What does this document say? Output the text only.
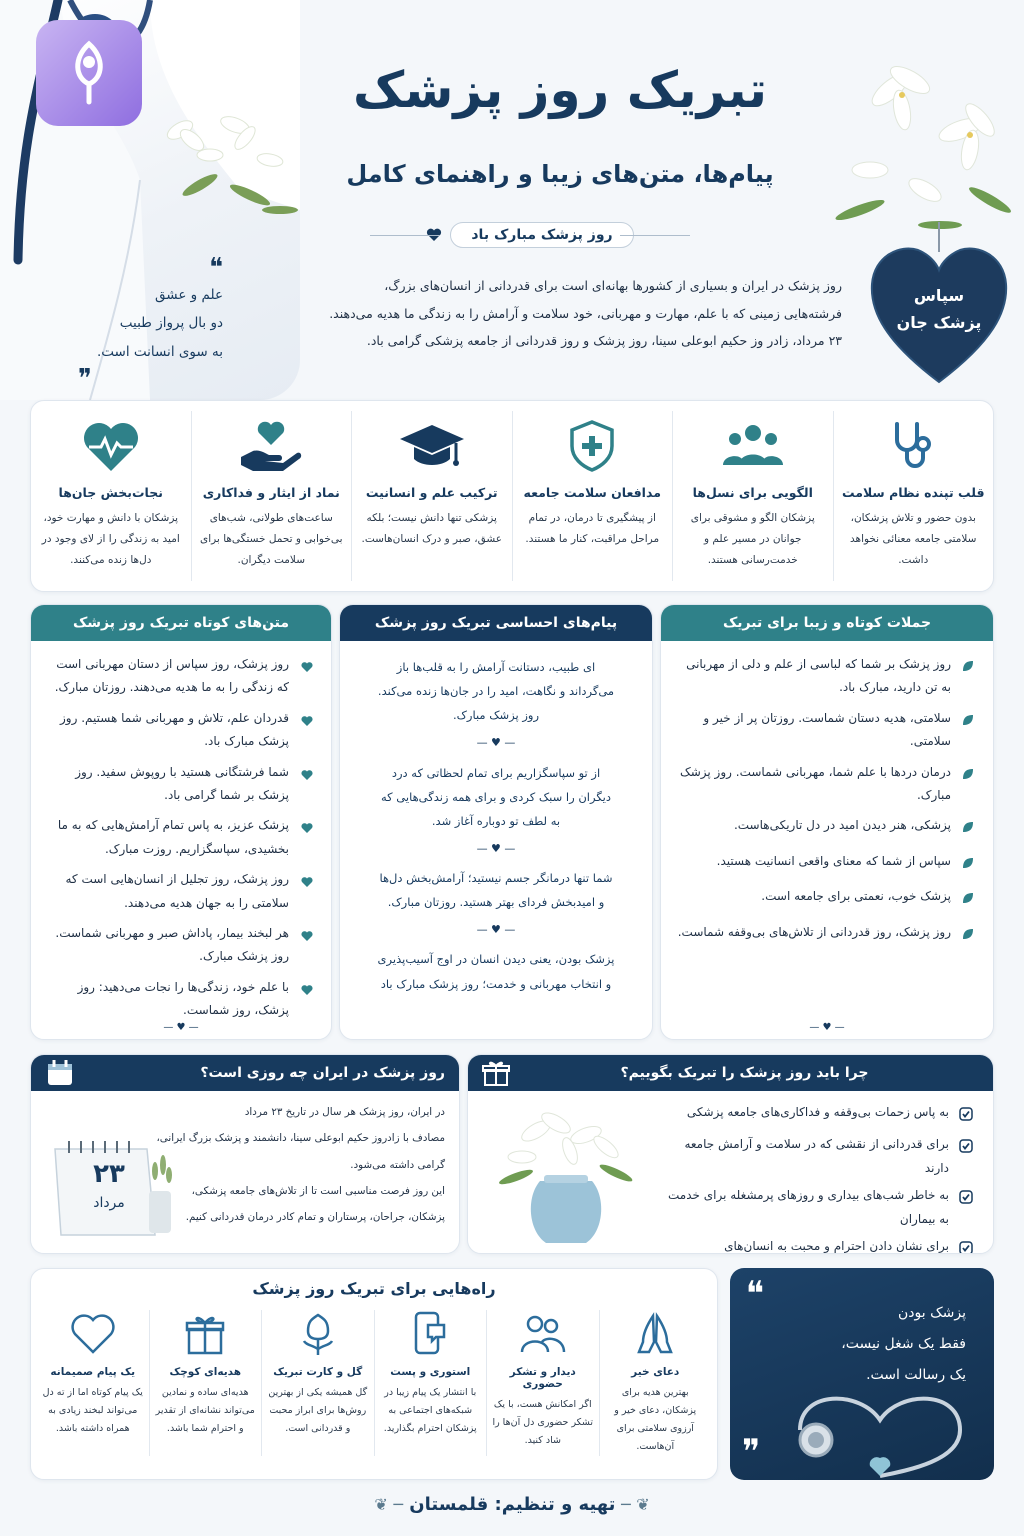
تبریک روز پزشک
پیام‌ها، متن‌های زیبا و راهنمای کامل
روز پزشک مبارک باد
روز پزشک در ایران و بسیاری از کشورها بهانه‌ای است برای قدردانی از انسان‌های بزرگ،
فرشته‌هایی زمینی که با علم، مهارت و مهربانی، خود سلامت و آرامش را به زندگی ما هدیه می‌دهند.
۲۳ مرداد، زادر وز حکیم ابوعلی سینا، روز پزشک و روز قدردانی از جامعه پزشکی گرامی باد.
❝
علم و عشق
دو بال پرواز طبیب
به سوی انسانت است.
❞
سپاس
پزشک جان
قلب تپنده نظام سلامت
بدون حضور و تلاش پزشکان، سلامتی جامعه معنائی نخواهد داشت.
الگویی برای نسل‌ها
پزشکان الگو و مشوقی برای جوانان در مسیر علم و خدمت‌رسانی هستند.
مدافعان سلامت جامعه
از پیشگیری تا درمان، در تمام مراحل مراقبت، کنار ما هستند.
ترکیب علم و انسانیت
پزشکی تنها دانش نیست؛ بلکه عشق، صبر و درک انسان‌هاست.
نماد از ایثار و فداکاری
ساعت‌های طولانی، شب‌های بی‌خوابی و تحمل خستگی‌ها برای سلامت دیگران.
نجات‌بخش جان‌ها
پزشکان با دانش و مهارت خود، امید به زندگی را از لای وجود در دل‌ها زنده می‌کنند.
جملات کوتاه و زیبا برای تبریک
روز پزشک بر شما که لباسی از علم و دلی از مهربانی به تن دارید، مبارک باد.
سلامتی، هدیه دستان شماست. روزتان پر از خیر و سلامتی.
درمان دردها با علم شما، مهربانی شماست. روز پزشک مبارک.
پزشکی، هنر دیدن امید در دل تاریکی‌هاست.
سپاس از شما که معنای واقعی انسانیت هستید.
پزشک خوب، نعمتی برای جامعه است.
روز پزشک، روز قدردانی از تلاش‌های بی‌وقفه شماست.
— ♥ —
پیام‌های احساسی تبریک روز پزشک
ای طبیب، دستانت آرامش را به قلب‌ها باز می‌گرداند و نگاهت، امید را در جان‌ها زنده می‌کند. روز پزشک مبارک.
— ♥ —
از تو سپاسگزاریم برای تمام لحظاتی که درد دیگران را سبک کردی و برای همه زندگی‌هایی که به لطف تو دوباره آغاز شد.
— ♥ —
شما تنها درمانگر جسم نیستید؛ آرامش‌بخش دل‌ها و امیدبخش فردای بهتر هستید. روزتان مبارک.
— ♥ —
پزشک بودن، یعنی دیدن انسان در اوج آسیب‌پذیری و انتخاب مهربانی و خدمت؛ روز پزشک مبارک باد
متن‌های کوتاه تبریک روز پزشک
روز پزشک، روز سپاس از دستان مهربانی است که زندگی را به ما هدیه می‌دهند. روزتان مبارک.
قدردان علم، تلاش و مهربانی شما هستیم. روز پزشک مبارک باد.
شما فرشتگانی هستید با روپوش سفید. روز پزشک بر شما گرامی باد.
پزشک عزیز، به پاس تمام آرامش‌هایی که به ما بخشیدی، سپاسگزاریم. روزت مبارک.
روز پزشک، روز تجلیل از انسان‌هایی است که سلامتی را به جهان هدیه می‌دهند.
هر لبخند بیمار، پاداش صبر و مهربانی شماست. روز پزشک مبارک.
با علم خود، زندگی‌ها را نجات می‌دهید: روز پزشک، روز شماست.
— ♥ —
روز پزشک در ایران چه روزی است؟
در ایران، روز پزشک هر سال در تاریخ ۲۳ مرداد
مصادف با زادروز حکیم ابوعلی سینا، دانشمند و پزشک بزرگ ایرانی،
گرامی داشته می‌شود.
این روز فرصت مناسبی است تا از تلاش‌های جامعه پزشکی،
پزشکان، جراحان، پرستاران و تمام کادر درمان قدردانی کنیم.
۲۳
مرداد
چرا باید روز پزشک را تبریک بگوییم؟
به پاس زحمات بی‌وقفه و فداکاری‌های جامعه پزشکی
برای قدردانی از نقشی که در سلامت و آرامش جامعه دارند
به خاطر شب‌های بیداری و روزهای پرمشغله برای خدمت به بیماران
برای نشان دادن احترام و محبت به انسان‌های
راه‌هایی برای تبریک روز پزشک
دعای خیر
بهترین هدیه برای پزشکان، دعای خیر و آرزوی سلامتی برای آن‌هاست.
دیدار و تشکر حضوری
اگر امکانش هست، با یک تشکر حضوری دل آن‌ها را شاد کنید.
استوری و پست
با انتشار یک پیام زیبا در شبکه‌های اجتماعی به پزشکان احترام بگذارید.
گل و کارت تبریک
گل همیشه یکی از بهترین روش‌ها برای ابراز محبت و قدردانی است.
هدیه‌ای کوچک
هدیه‌ای ساده و نمادین می‌تواند نشانه‌ای از تقدیر و احترام شما باشد.
یک پیام صمیمانه
یک پیام کوتاه اما از ته دل می‌تواند لبخند زیادی به همراه داشته باشد.
❝	پزشک بودن
فقط یک شغل نیست،
یک رسالت است.
❞
❦ ─ تهیه و تنظیم: قلمستان ─ ❦
